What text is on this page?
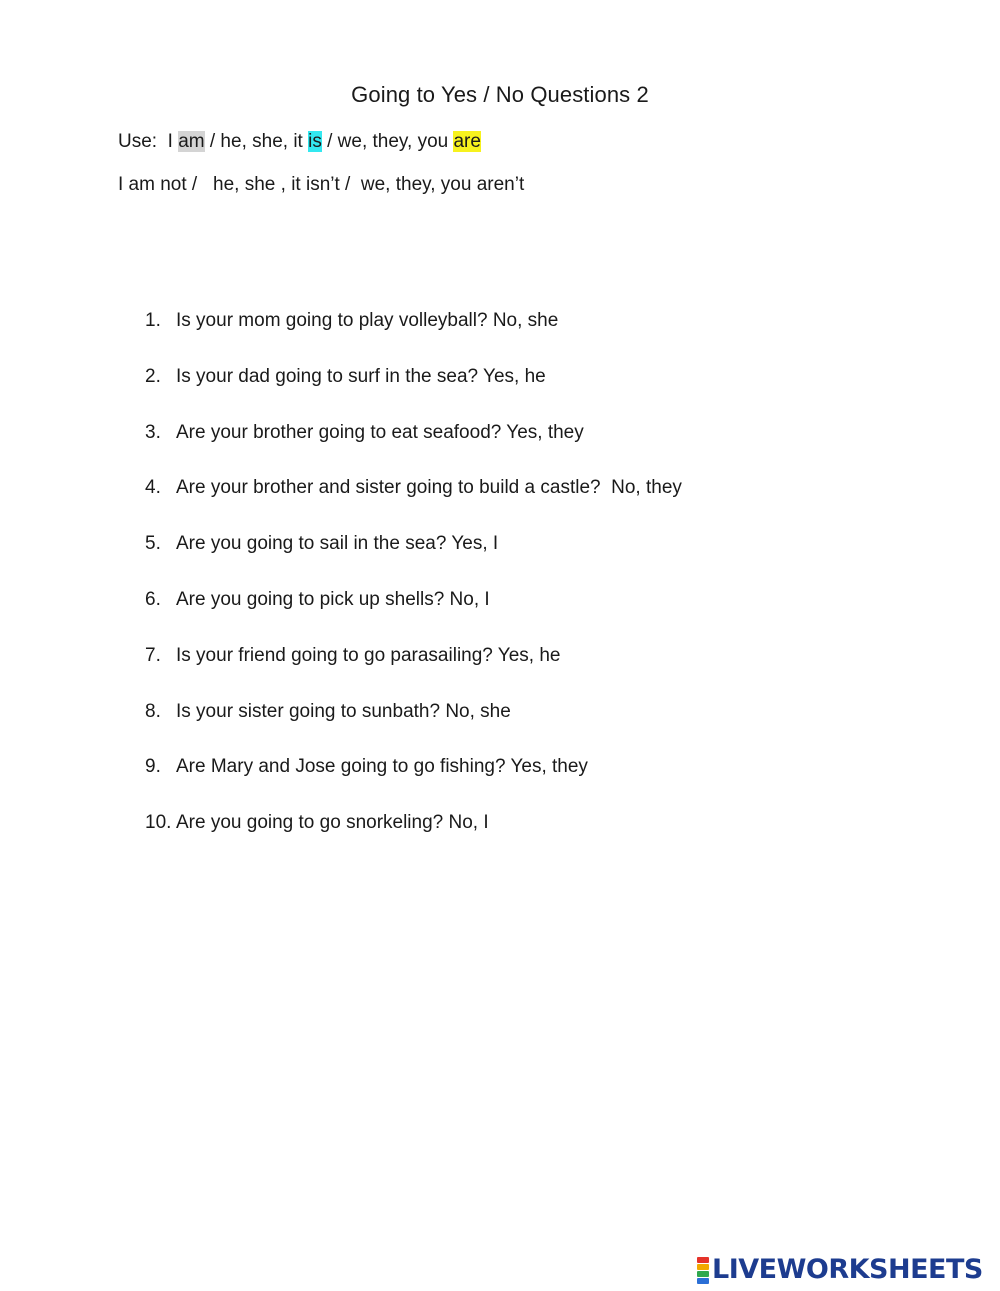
Going to Yes / No Questions 2
Use:  I am / he, she, it is / we, they, you are
I am not /   he, she , it isn’t /  we, they, you aren’t
1. Is your mom going to play volleyball? No, she
2. Is your dad going to surf in the sea? Yes, he
3. Are your brother going to eat seafood? Yes, they
4. Are your brother and sister going to build a castle?  No, they
5. Are you going to sail in the sea? Yes, I
6. Are you going to pick up shells? No, I
7. Is your friend going to go parasailing? Yes, he
8. Is your sister going to sunbath? No, she
9. Are Mary and Jose going to go fishing? Yes, they
10. Are you going to go snorkeling? No, I
LIVEWORKSHEETS
